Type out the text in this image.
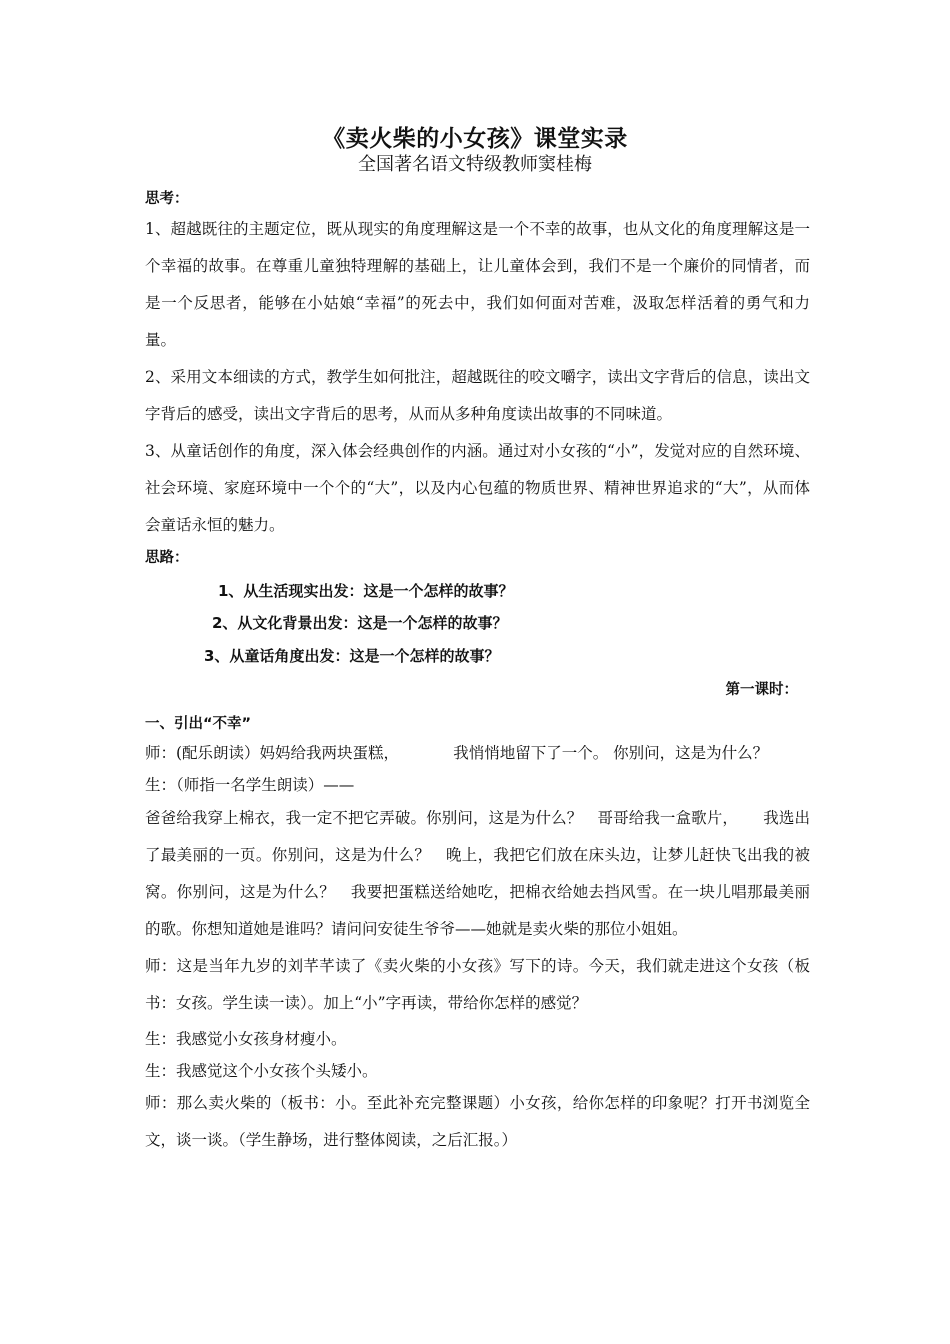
《卖火柴的小女孩》课堂实录
全国著名语文特级教师窦桂梅
思考：
1、超越既往的主题定位，既从现实的角度理解这是一个不幸的故事，也从文化的角度理解这是一个幸福的故事。在尊重儿童独特理解的基础上，让儿童体会到，我们不是一个廉价的同情者，而是一个反思者，能够在小姑娘“幸福”的死去中，我们如何面对苦难，汲取怎样活着的勇气和力量。
2、采用文本细读的方式，教学生如何批注，超越既往的咬文嚼字，读出文字背后的信息，读出文字背后的感受，读出文字背后的思考，从而从多种角度读出故事的不同味道。
3、从童话创作的角度，深入体会经典创作的内涵。通过对小女孩的“小”，发觉对应的自然环境、社会环境、家庭环境中一个个的“大”，以及内心包蕴的物质世界、精神世界追求的“大”，从而体会童话永恒的魅力。
思路：
1、从生活现实出发：这是一个怎样的故事？
2、从文化背景出发：这是一个怎样的故事？
3、从童话角度出发：这是一个怎样的故事？
第一课时：
一、引出“不幸”
师：(配乐朗读）妈妈给我两块蛋糕，           我悄悄地留下了一个。 你别问，这是为什么？
生：（师指一名学生朗读）——
爸爸给我穿上棉衣，我一定不把它弄破。你别问，这是为什么？   哥哥给我一盒歌片，     我选出了最美丽的一页。你别问，这是为什么？   晚上，我把它们放在床头边，让梦儿赶快飞出我的被窝。你别问，这是为什么？   我要把蛋糕送给她吃，把棉衣给她去挡风雪。在一块儿唱那最美丽的歌。你想知道她是谁吗？请问问安徒生爷爷——她就是卖火柴的那位小姐姐。
师：这是当年九岁的刘芊芊读了《卖火柴的小女孩》写下的诗。今天，我们就走进这个女孩（板书：女孩。学生读一读）。加上“小”字再读，带给你怎样的感觉？
生：我感觉小女孩身材瘦小。
生：我感觉这个小女孩个头矮小。
师：那么卖火柴的（板书：小。至此补充完整课题）小女孩，给你怎样的印象呢？打开书浏览全文，谈一谈。（学生静场，进行整体阅读，之后汇报。）
